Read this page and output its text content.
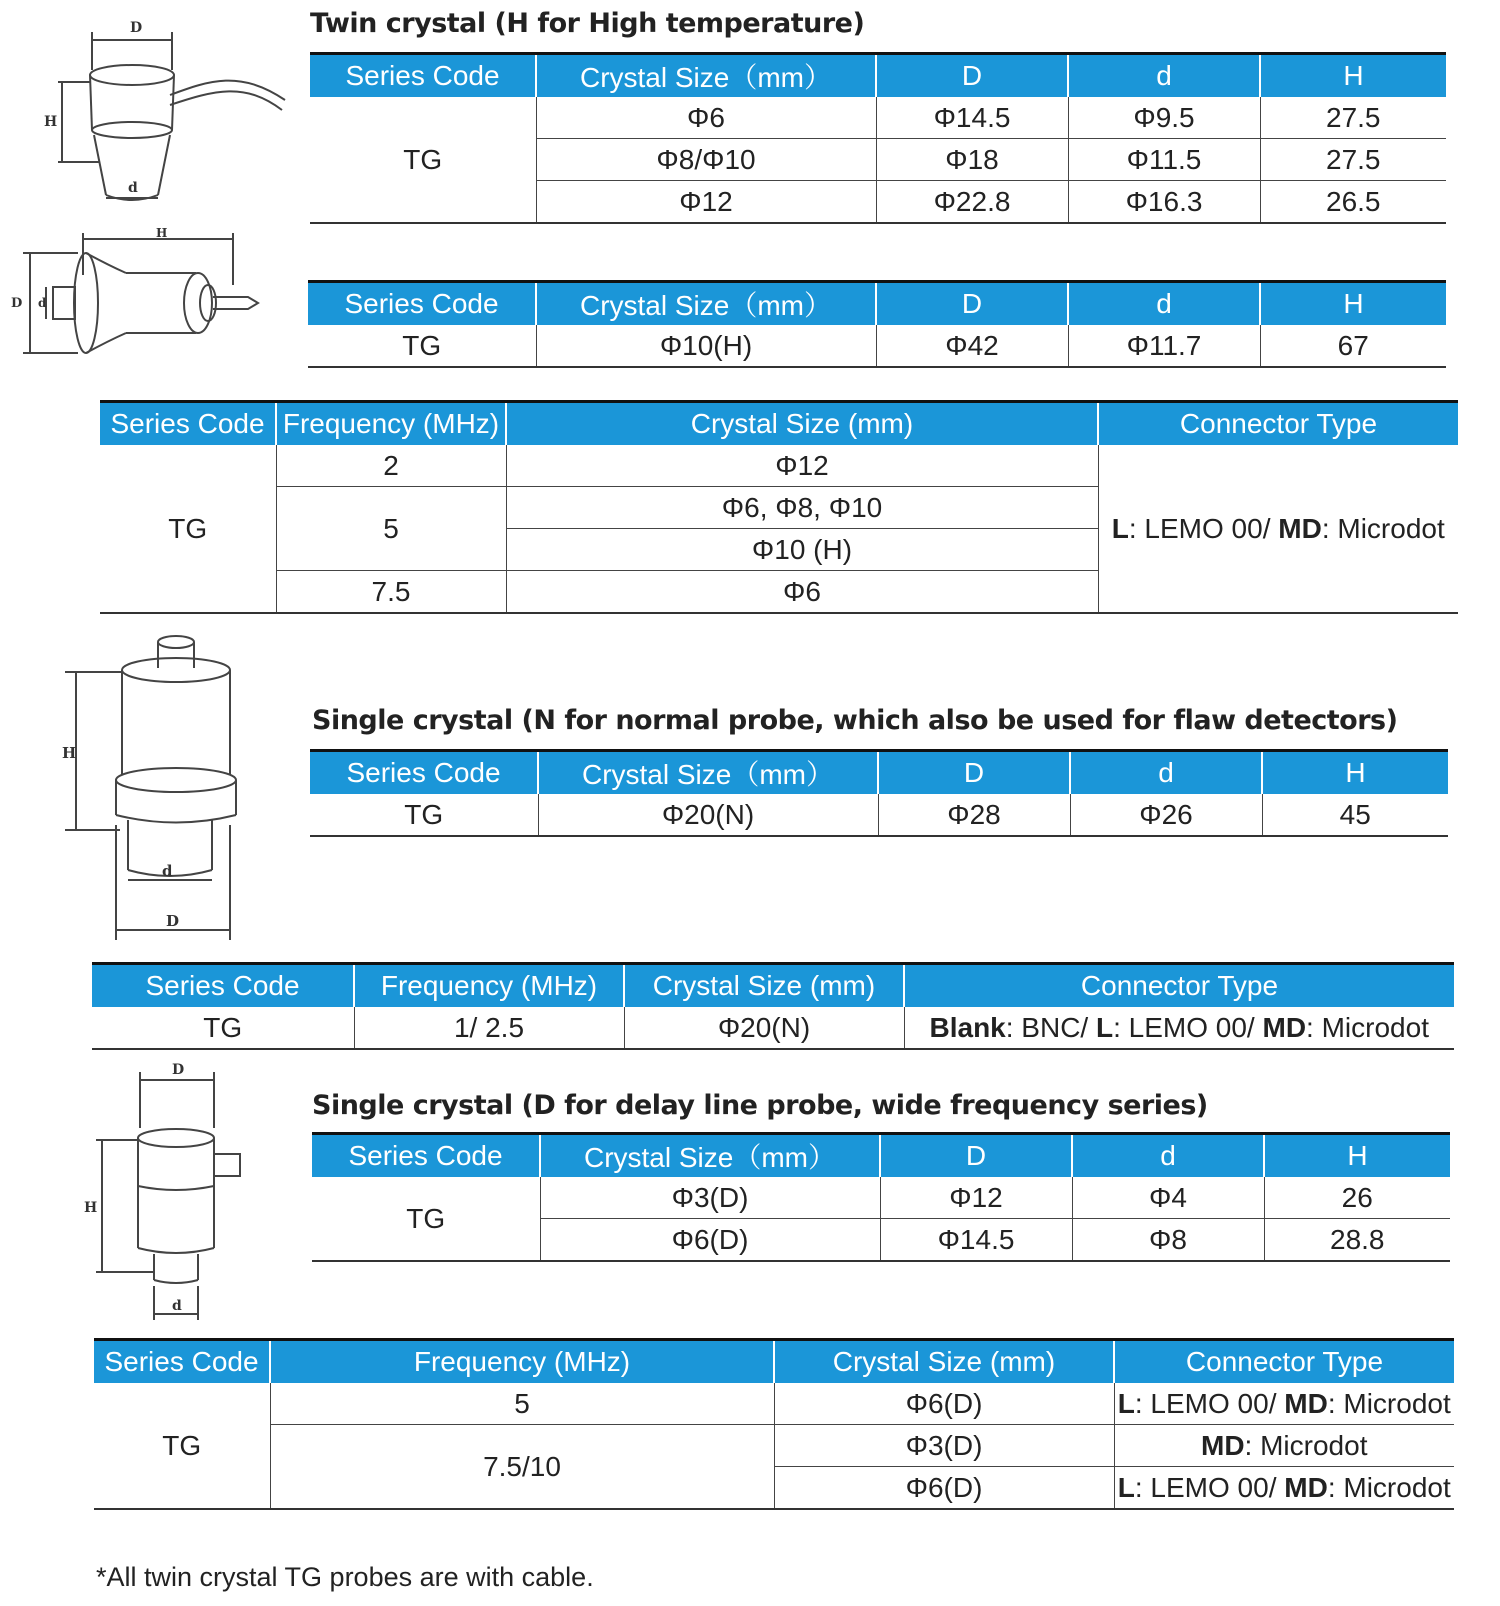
D
H
d
D d
H
Twin crystal (H for High temperature)
Series Code	Crystal Size（mm）	D	d	H
TG	Φ6	Φ14.5	Φ9.5	27.5
	Φ8/Φ10	Φ18	Φ11.5	27.5
	Φ12	Φ22.8	Φ16.3	26.5
Series Code	Crystal Size（mm）	D	d	H
TG	Φ10(H)	Φ42	Φ11.7	67
Series Code	Frequency (MHz)	Crystal Size (mm)	Connector Type
TG	2	Φ12	L: LEMO 00/ MD: Microdot
	5	Φ6, Φ8, Φ10	
		Φ10 (H)	
	7.5	Φ6	
H
d
D
Single crystal (N for normal probe, which also be used for flaw detectors)
Series Code	Crystal Size（mm）	D	d	H
TG	Φ20(N)	Φ28	Φ26	45
Series Code	Frequency (MHz)	Crystal Size (mm)	Connector Type
TG	1/ 2.5	Φ20(N)	Blank: BNC/ L: LEMO 00/ MD: Microdot
D
H
d
Single crystal (D for delay line probe, wide frequency series)
Series Code	Crystal Size（mm）	D	d	H
TG	Φ3(D)	Φ12	Φ4	26
	Φ6(D)	Φ14.5	Φ8	28.8
Series Code	Frequency (MHz)	Crystal Size (mm)	Connector Type
TG	5	Φ6(D)	L: LEMO 00/ MD: Microdot
	7.5/10	Φ3(D)	MD: Microdot
		Φ6(D)	L: LEMO 00/ MD: Microdot
*All twin crystal TG probes are with cable.
